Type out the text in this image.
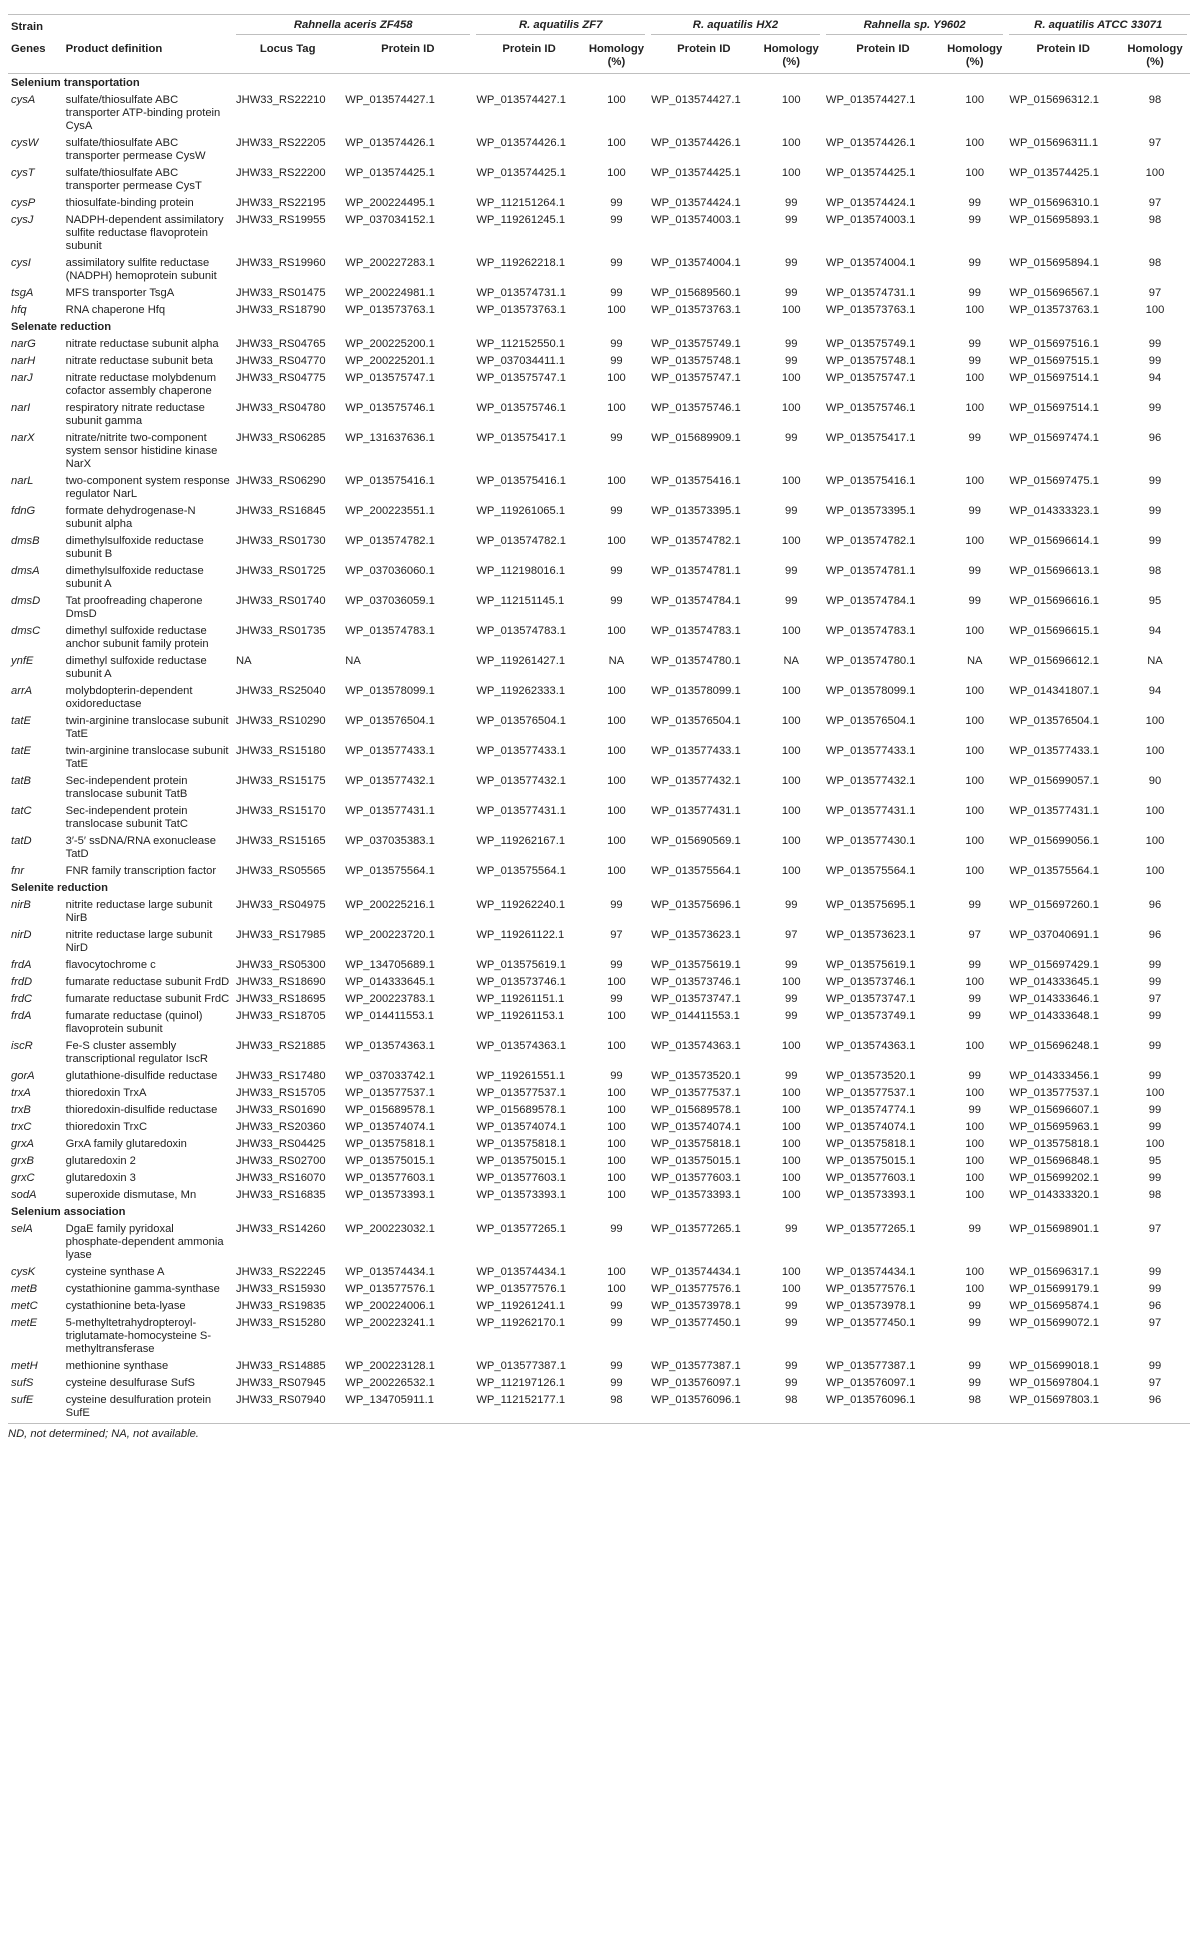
Strain		Rahnella aceris ZF458		R. aquatilis ZF7		R. aquatilis HX2		Rahnella sp. Y9602		R. aquatilis ATCC 33071	

Genes	Product definition	Locus Tag	Protein ID	Protein ID	Homology (%)	Protein ID	Homology (%)	Protein ID	Homology (%)	Protein ID	Homology (%)
Selenium transportation											
cysA	sulfate/thiosulfate ABC transporter ATP-binding protein CysA	JHW33_RS22210	WP_013574427.1	WP_013574427.1	100	WP_013574427.1	100	WP_013574427.1	100	WP_015696312.1	98
cysW	sulfate/thiosulfate ABC transporter permease CysW	JHW33_RS22205	WP_013574426.1	WP_013574426.1	100	WP_013574426.1	100	WP_013574426.1	100	WP_015696311.1	97
cysT	sulfate/thiosulfate ABC transporter permease CysT	JHW33_RS22200	WP_013574425.1	WP_013574425.1	100	WP_013574425.1	100	WP_013574425.1	100	WP_013574425.1	100
cysP	thiosulfate-binding protein	JHW33_RS22195	WP_200224495.1	WP_112151264.1	99	WP_013574424.1	99	WP_013574424.1	99	WP_015696310.1	97
cysJ	NADPH-dependent assimilatory sulfite reductase flavoprotein subunit	JHW33_RS19955	WP_037034152.1	WP_119261245.1	99	WP_013574003.1	99	WP_013574003.1	99	WP_015695893.1	98
cysI	assimilatory sulfite reductase (NADPH) hemoprotein subunit	JHW33_RS19960	WP_200227283.1	WP_119262218.1	99	WP_013574004.1	99	WP_013574004.1	99	WP_015695894.1	98
tsgA	MFS transporter TsgA	JHW33_RS01475	WP_200224981.1	WP_013574731.1	99	WP_015689560.1	99	WP_013574731.1	99	WP_015696567.1	97
hfq	RNA chaperone Hfq	JHW33_RS18790	WP_013573763.1	WP_013573763.1	100	WP_013573763.1	100	WP_013573763.1	100	WP_013573763.1	100
Selenate reduction											
narG	nitrate reductase subunit alpha	JHW33_RS04765	WP_200225200.1	WP_112152550.1	99	WP_013575749.1	99	WP_013575749.1	99	WP_015697516.1	99
narH	nitrate reductase subunit beta	JHW33_RS04770	WP_200225201.1	WP_037034411.1	99	WP_013575748.1	99	WP_013575748.1	99	WP_015697515.1	99
narJ	nitrate reductase molybdenum cofactor assembly chaperone	JHW33_RS04775	WP_013575747.1	WP_013575747.1	100	WP_013575747.1	100	WP_013575747.1	100	WP_015697514.1	94
narI	respiratory nitrate reductase subunit gamma	JHW33_RS04780	WP_013575746.1	WP_013575746.1	100	WP_013575746.1	100	WP_013575746.1	100	WP_015697514.1	99
narX	nitrate/nitrite two-component system sensor histidine kinase NarX	JHW33_RS06285	WP_131637636.1	WP_013575417.1	99	WP_015689909.1	99	WP_013575417.1	99	WP_015697474.1	96
narL	two-component system response regulator NarL	JHW33_RS06290	WP_013575416.1	WP_013575416.1	100	WP_013575416.1	100	WP_013575416.1	100	WP_015697475.1	99
fdnG	formate dehydrogenase-N subunit alpha	JHW33_RS16845	WP_200223551.1	WP_119261065.1	99	WP_013573395.1	99	WP_013573395.1	99	WP_014333323.1	99
dmsB	dimethylsulfoxide reductase subunit B	JHW33_RS01730	WP_013574782.1	WP_013574782.1	100	WP_013574782.1	100	WP_013574782.1	100	WP_015696614.1	99
dmsA	dimethylsulfoxide reductase subunit A	JHW33_RS01725	WP_037036060.1	WP_112198016.1	99	WP_013574781.1	99	WP_013574781.1	99	WP_015696613.1	98
dmsD	Tat proofreading chaperone DmsD	JHW33_RS01740	WP_037036059.1	WP_112151145.1	99	WP_013574784.1	99	WP_013574784.1	99	WP_015696616.1	95
dmsC	dimethyl sulfoxide reductase anchor subunit family protein	JHW33_RS01735	WP_013574783.1	WP_013574783.1	100	WP_013574783.1	100	WP_013574783.1	100	WP_015696615.1	94
ynfE	dimethyl sulfoxide reductase subunit A	NA	NA	WP_119261427.1	NA	WP_013574780.1	NA	WP_013574780.1	NA	WP_015696612.1	NA
arrA	molybdopterin-dependent oxidoreductase	JHW33_RS25040	WP_013578099.1	WP_119262333.1	100	WP_013578099.1	100	WP_013578099.1	100	WP_014341807.1	94
tatE	twin-arginine translocase subunit TatE	JHW33_RS10290	WP_013576504.1	WP_013576504.1	100	WP_013576504.1	100	WP_013576504.1	100	WP_013576504.1	100
tatE	twin-arginine translocase subunit TatE	JHW33_RS15180	WP_013577433.1	WP_013577433.1	100	WP_013577433.1	100	WP_013577433.1	100	WP_013577433.1	100
tatB	Sec-independent protein translocase subunit TatB	JHW33_RS15175	WP_013577432.1	WP_013577432.1	100	WP_013577432.1	100	WP_013577432.1	100	WP_015699057.1	90
tatC	Sec-independent protein translocase subunit TatC	JHW33_RS15170	WP_013577431.1	WP_013577431.1	100	WP_013577431.1	100	WP_013577431.1	100	WP_013577431.1	100
tatD	3′-5′ ssDNA/RNA exonuclease TatD	JHW33_RS15165	WP_037035383.1	WP_119262167.1	100	WP_015690569.1	100	WP_013577430.1	100	WP_015699056.1	100
fnr	FNR family transcription factor	JHW33_RS05565	WP_013575564.1	WP_013575564.1	100	WP_013575564.1	100	WP_013575564.1	100	WP_013575564.1	100
Selenite reduction											
nirB	nitrite reductase large subunit NirB	JHW33_RS04975	WP_200225216.1	WP_119262240.1	99	WP_013575696.1	99	WP_013575695.1	99	WP_015697260.1	96
nirD	nitrite reductase large subunit NirD	JHW33_RS17985	WP_200223720.1	WP_119261122.1	97	WP_013573623.1	97	WP_013573623.1	97	WP_037040691.1	96
frdA	flavocytochrome c	JHW33_RS05300	WP_134705689.1	WP_013575619.1	99	WP_013575619.1	99	WP_013575619.1	99	WP_015697429.1	99
frdD	fumarate reductase subunit FrdD	JHW33_RS18690	WP_014333645.1	WP_013573746.1	100	WP_013573746.1	100	WP_013573746.1	100	WP_014333645.1	99
frdC	fumarate reductase subunit FrdC	JHW33_RS18695	WP_200223783.1	WP_119261151.1	99	WP_013573747.1	99	WP_013573747.1	99	WP_014333646.1	97
frdA	fumarate reductase (quinol) flavoprotein subunit	JHW33_RS18705	WP_014411553.1	WP_119261153.1	100	WP_014411553.1	99	WP_013573749.1	99	WP_014333648.1	99
iscR	Fe-S cluster assembly transcriptional regulator IscR	JHW33_RS21885	WP_013574363.1	WP_013574363.1	100	WP_013574363.1	100	WP_013574363.1	100	WP_015696248.1	99
gorA	glutathione-disulfide reductase	JHW33_RS17480	WP_037033742.1	WP_119261551.1	99	WP_013573520.1	99	WP_013573520.1	99	WP_014333456.1	99
trxA	thioredoxin TrxA	JHW33_RS15705	WP_013577537.1	WP_013577537.1	100	WP_013577537.1	100	WP_013577537.1	100	WP_013577537.1	100
trxB	thioredoxin-disulfide reductase	JHW33_RS01690	WP_015689578.1	WP_015689578.1	100	WP_015689578.1	100	WP_013574774.1	99	WP_015696607.1	99
trxC	thioredoxin TrxC	JHW33_RS20360	WP_013574074.1	WP_013574074.1	100	WP_013574074.1	100	WP_013574074.1	100	WP_015695963.1	99
grxA	GrxA family glutaredoxin	JHW33_RS04425	WP_013575818.1	WP_013575818.1	100	WP_013575818.1	100	WP_013575818.1	100	WP_013575818.1	100
grxB	glutaredoxin 2	JHW33_RS02700	WP_013575015.1	WP_013575015.1	100	WP_013575015.1	100	WP_013575015.1	100	WP_015696848.1	95
grxC	glutaredoxin 3	JHW33_RS16070	WP_013577603.1	WP_013577603.1	100	WP_013577603.1	100	WP_013577603.1	100	WP_015699202.1	99
sodA	superoxide dismutase, Mn	JHW33_RS16835	WP_013573393.1	WP_013573393.1	100	WP_013573393.1	100	WP_013573393.1	100	WP_014333320.1	98
Selenium association											
selA	DgaE family pyridoxal phosphate-dependent ammonia lyase	JHW33_RS14260	WP_200223032.1	WP_013577265.1	99	WP_013577265.1	99	WP_013577265.1	99	WP_015698901.1	97
cysK	cysteine synthase A	JHW33_RS22245	WP_013574434.1	WP_013574434.1	100	WP_013574434.1	100	WP_013574434.1	100	WP_015696317.1	99
metB	cystathionine gamma-synthase	JHW33_RS15930	WP_013577576.1	WP_013577576.1	100	WP_013577576.1	100	WP_013577576.1	100	WP_015699179.1	99
metC	cystathionine beta-lyase	JHW33_RS19835	WP_200224006.1	WP_119261241.1	99	WP_013573978.1	99	WP_013573978.1	99	WP_015695874.1	96
metE	5-methyltetrahydropteroyl-triglutamate-homocysteine S-methyltransferase	JHW33_RS15280	WP_200223241.1	WP_119262170.1	99	WP_013577450.1	99	WP_013577450.1	99	WP_015699072.1	97
metH	methionine synthase	JHW33_RS14885	WP_200223128.1	WP_013577387.1	99	WP_013577387.1	99	WP_013577387.1	99	WP_015699018.1	99
sufS	cysteine desulfurase SufS	JHW33_RS07945	WP_200226532.1	WP_112197126.1	99	WP_013576097.1	99	WP_013576097.1	99	WP_015697804.1	97
sufE	cysteine desulfuration protein SufE	JHW33_RS07940	WP_134705911.1	WP_112152177.1	98	WP_013576096.1	98	WP_013576096.1	98	WP_015697803.1	96
ND, not determined; NA, not available.
